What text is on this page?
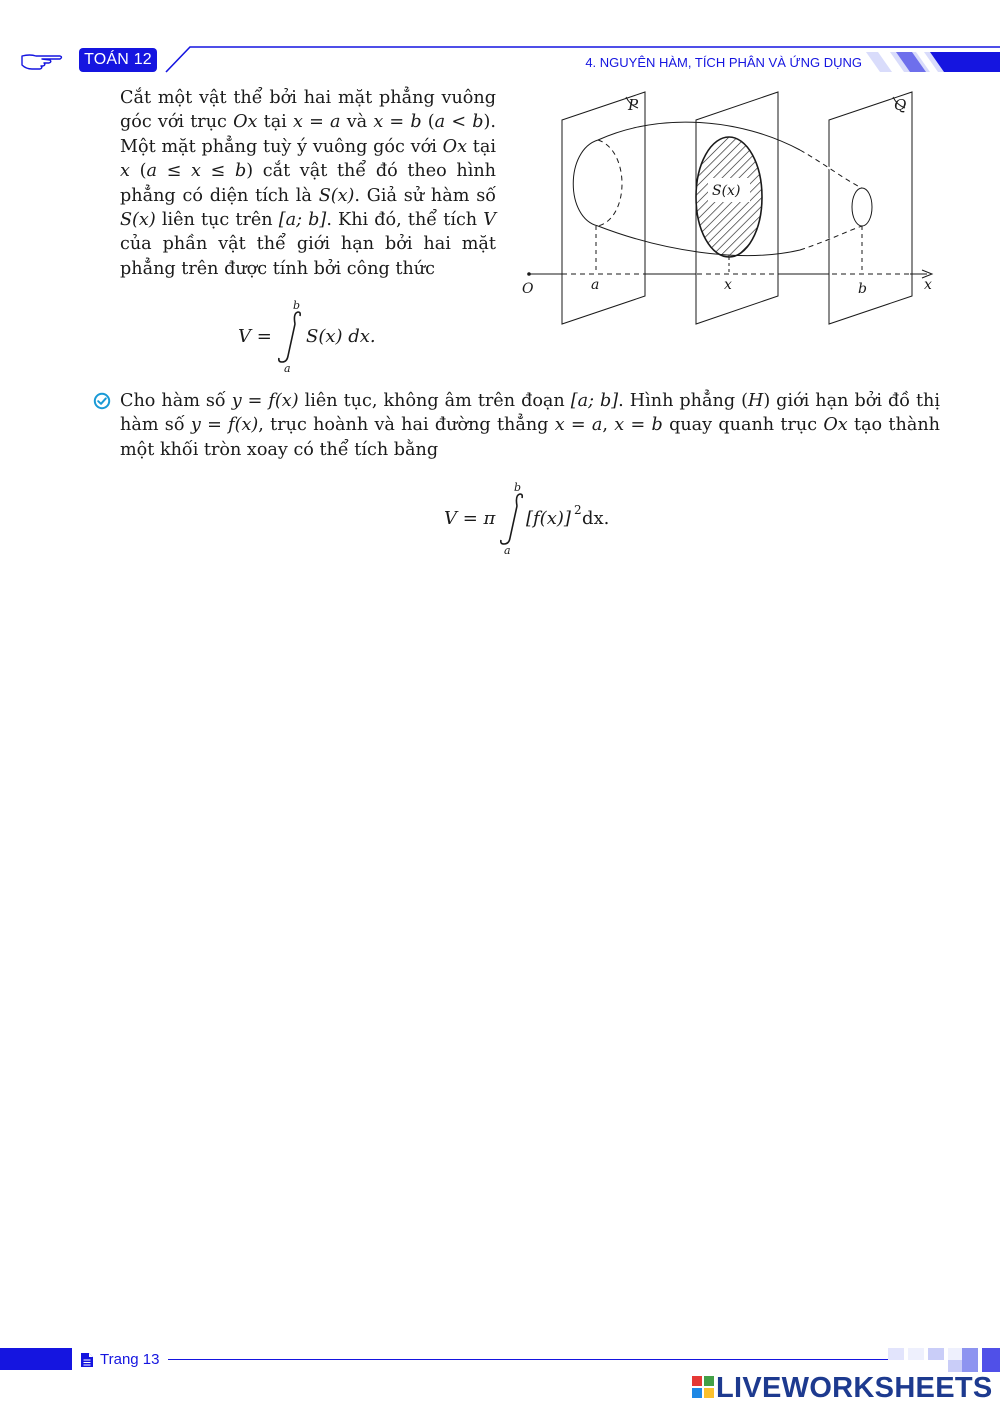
TOÁN 12	4. NGUYÊN HÀM, TÍCH PHÂN VÀ ỨNG DỤNG
Cắt một vật thể bởi hai mặt phẳng vuông góc với trục Ox tại x = a và x = b (a < b). Một mặt phẳng tuỳ ý vuông góc với Ox tại x (a ≤ x ≤ b) cắt vật thể đó theo hình phẳng có diện tích là S(x). Giả sử hàm số S(x) liên tục trên [a; b]. Khi đó, thể tích V của phần vật thể giới hạn bởi hai mặt phẳng trên được tính bởi công thức
V =
b
a
S(x) dx.
P	Q
S(x)
O	a	x	b	x
Cho hàm số y = f(x) liên tục, không âm trên đoạn [a; b]. Hình phẳng (H) giới hạn bởi đồ thị hàm số y = f(x), trục hoành và hai đường thẳng x = a, x = b quay quanh trục Ox tạo thành một khối tròn xoay có thể tích bằng
V = π
b
a
[f(x)] 2 dx.
Trang 13
LIVEWORKSHEETS
